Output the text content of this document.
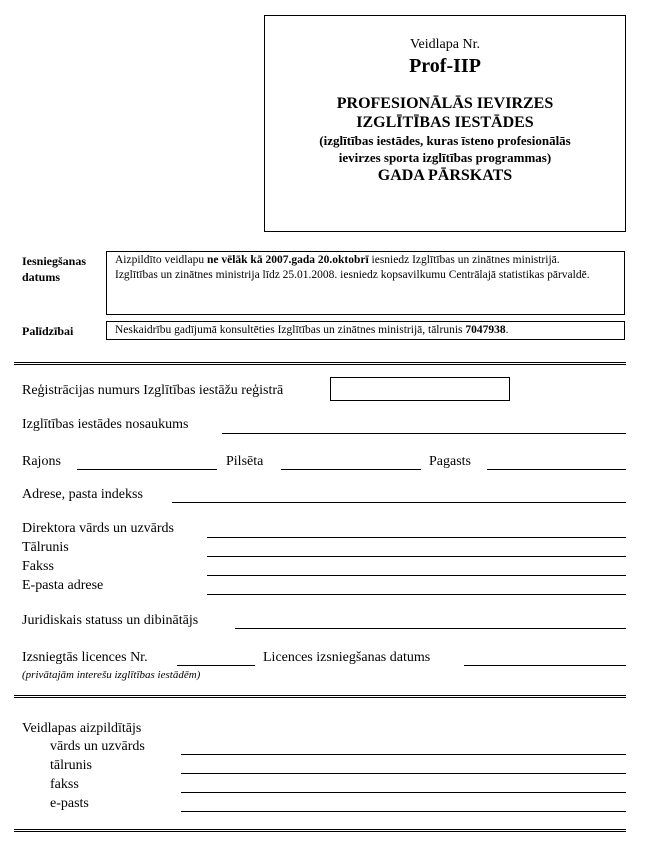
Veidlapa Nr.
Prof-IIP
PROFESIONĀLĀS IEVIRZES
IZGLĪTĪBAS IESTĀDES
(izglītības iestādes, kuras īsteno profesionālās
ievirzes sporta izglītības programmas)
GADA PĀRSKATS
Iesniegšanas
datums
Aizpildīto veidlapu ne vēlāk kā 2007.gada 20.oktobrī iesniedz Izglītības un zinātnes ministrijā.
Izglītības un zinātnes ministrija līdz 25.01.2008. iesniedz kopsavilkumu Centrālajā statistikas pārvaldē.
Palīdzībai	Neskaidrību gadījumā konsultēties Izglītības un zinātnes ministrijā, tālrunis 7047938.
Reģistrācijas numurs Izglītības iestāžu reģistrā
Izglītības iestādes nosaukums
Rajons	Pilsēta	Pagasts
Adrese, pasta indekss
Direktora vārds un uzvārds
Tālrunis
Fakss
E-pasta adrese
Juridiskais statuss un dibinātājs
Izsniegtās licences Nr.	Licences izsniegšanas datums
(privātajām interešu izglītības iestādēm)
Veidlapas aizpildītājs
vārds un uzvārds
tālrunis
fakss
e-pasts
